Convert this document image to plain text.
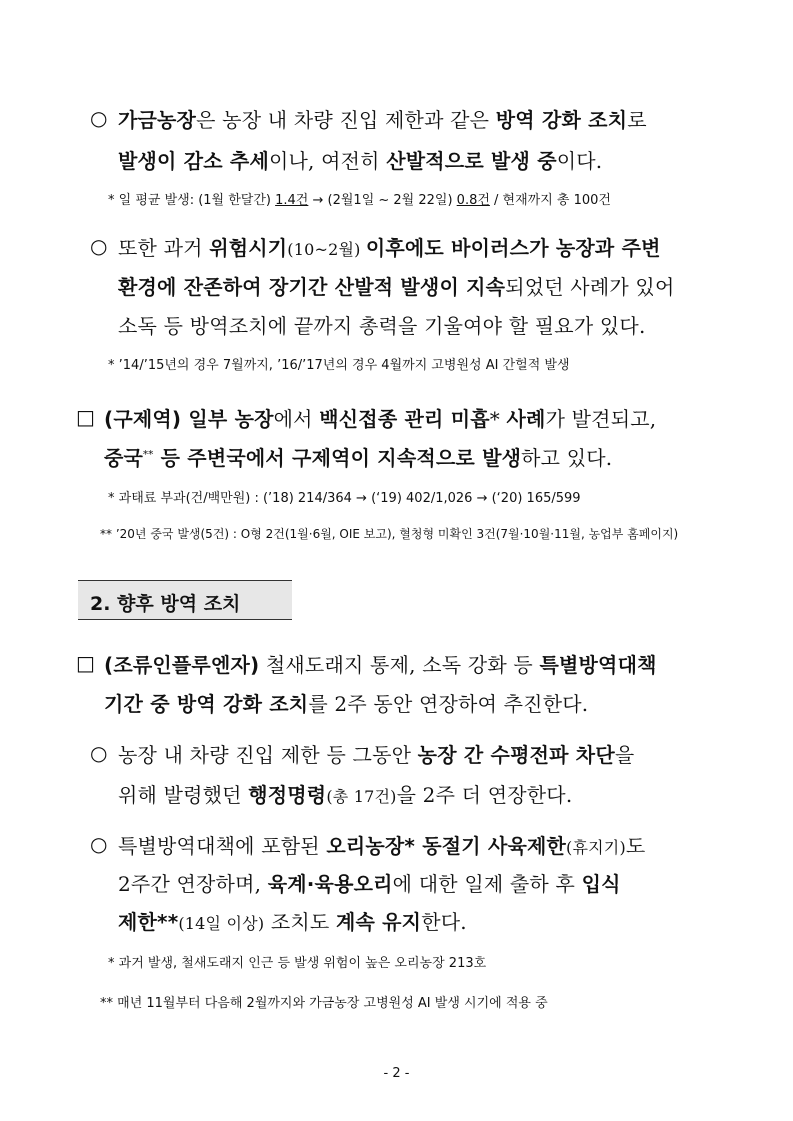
○ 가금농장은 농장 내 차량 진입 제한과 같은 방역 강화 조치로
발생이 감소 추세이나, 여전히 산발적으로 발생 중이다.
* 일 평균 발생: (1월 한달간) 1.4건 → (2월1일 ~ 2월 22일) 0.8건 / 현재까지 총 100건
○ 또한 과거 위험시기(10~2월) 이후에도 바이러스가 농장과 주변
환경에 잔존하여 장기간 산발적 발생이 지속되었던 사례가 있어
소독 등 방역조치에 끝까지 총력을 기울여야 할 필요가 있다.
* ’14/’15년의 경우 7월까지, ’16/’17년의 경우 4월까지 고병원성 AI 간헐적 발생
□ (구제역) 일부 농장에서 백신접종 관리 미흡* 사례가 발견되고,
중국** 등 주변국에서 구제역이 지속적으로 발생하고 있다.
* 과태료 부과(건/백만원) : (’18) 214/364 → (‘19) 402/1,026 → (‘20) 165/599
** ’20년 중국 발생(5건) : O형 2건(1월·6월, OIE 보고), 혈청형 미확인 3건(7월·10월·11월, 농업부 홈페이지)
2. 향후 방역 조치
□ (조류인플루엔자) 철새도래지 통제, 소독 강화 등 특별방역대책
기간 중 방역 강화 조치를 2주 동안 연장하여 추진한다.
○ 농장 내 차량 진입 제한 등 그동안 농장 간 수평전파 차단을
위해 발령했던 행정명령(총 17건)을 2주 더 연장한다.
○ 특별방역대책에 포함된 오리농장* 동절기 사육제한(휴지기)도
2주간 연장하며, 육계·육용오리에 대한 일제 출하 후 입식
제한**(14일 이상) 조치도 계속 유지한다.
* 과거 발생, 철새도래지 인근 등 발생 위험이 높은 오리농장 213호
** 매년 11월부터 다음해 2월까지와 가금농장 고병원성 AI 발생 시기에 적용 중
- 2 -
